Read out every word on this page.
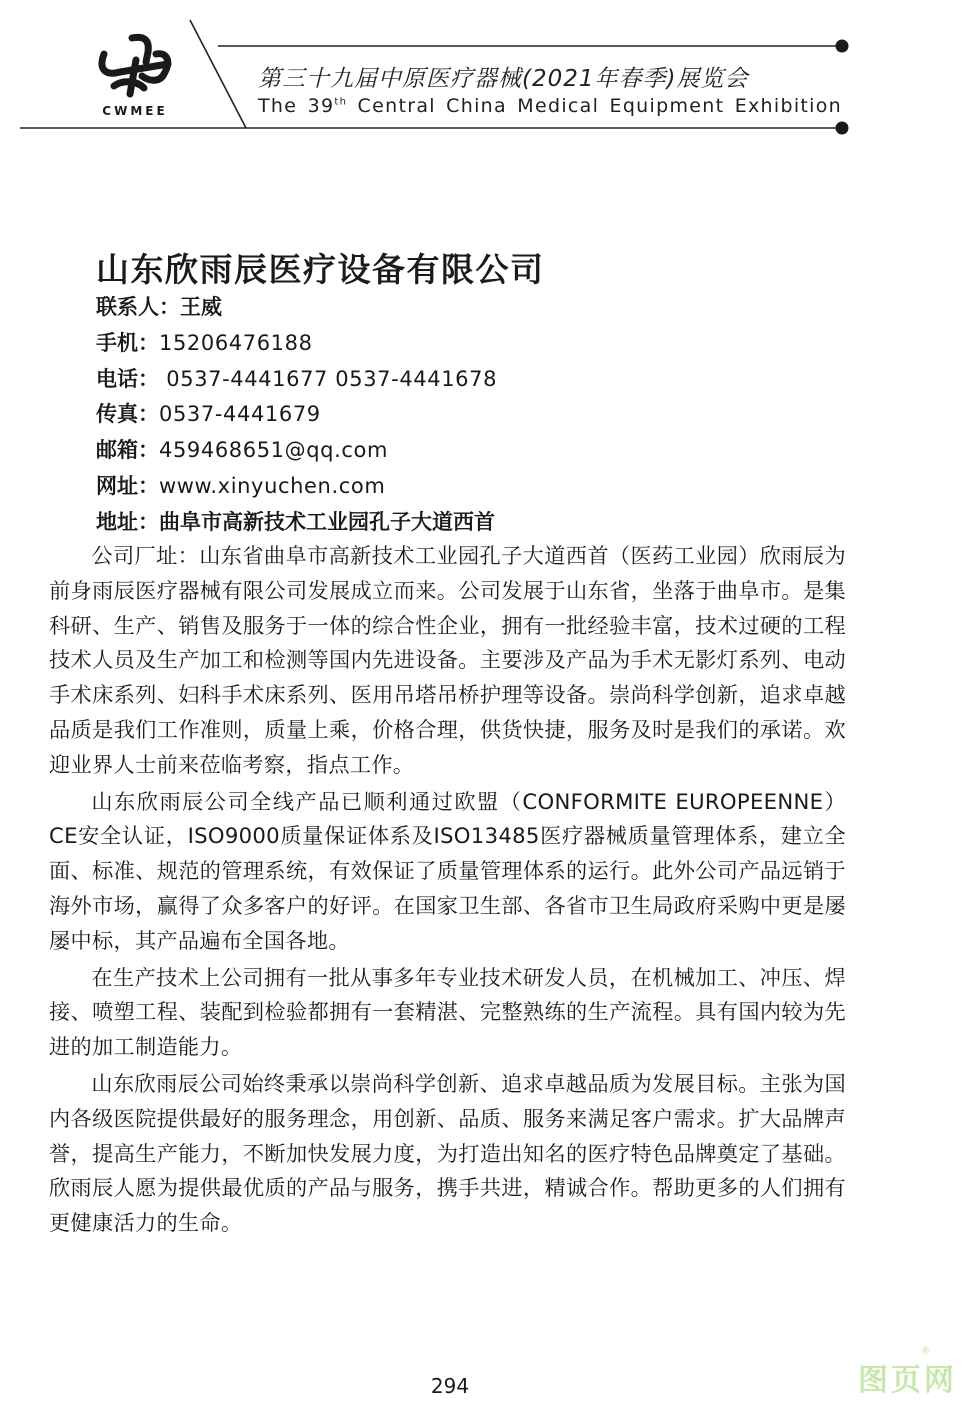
CWMEE
第三十九届中原医疗器械(2021年春季)展览会
The 39th Central China Medical Equipment Exhibition
山东欣雨辰医疗设备有限公司
联系人：王威
手机：15206476188
电话： 0537-4441677 0537-4441678
传真：0537-4441679
邮箱：459468651@qq.com
网址：www.xinyuchen.com
地址：曲阜市高新技术工业园孔子大道西首

公司厂址：山东省曲阜市高新技术工业园孔子大道西首（医药工业园）欣雨辰为前身雨辰医疗器械有限公司发展成立而来。公司发展于山东省，坐落于曲阜市。是集科研、生产、销售及服务于一体的综合性企业，拥有一批经验丰富，技术过硬的工程技术人员及生产加工和检测等国内先进设备。主要涉及产品为手术无影灯系列、电动手术床系列、妇科手术床系列、医用吊塔吊桥护理等设备。崇尚科学创新，追求卓越品质是我们工作准则，质量上乘，价格合理，供货快捷，服务及时是我们的承诺。欢迎业界人士前来莅临考察，指点工作。

山东欣雨辰公司全线产品已顺利通过欧盟（CONFORMITE EUROPEENNE）CE安全认证，ISO9000质量保证体系及ISO13485医疗器械质量管理体系，建立全面、标准、规范的管理系统，有效保证了质量管理体系的运行。此外公司产品远销于海外市场，赢得了众多客户的好评。在国家卫生部、各省市卫生局政府采购中更是屡屡中标，其产品遍布全国各地。

在生产技术上公司拥有一批从事多年专业技术研发人员，在机械加工、冲压、焊接、喷塑工程、装配到检验都拥有一套精湛、完整熟练的生产流程。具有国内较为先进的加工制造能力。

山东欣雨辰公司始终秉承以崇尚科学创新、追求卓越品质为发展目标。主张为国内各级医院提供最好的服务理念，用创新、品质、服务来满足客户需求。扩大品牌声誉，提高生产能力，不断加快发展力度，为打造出知名的医疗特色品牌奠定了基础。欣雨辰人愿为提供最优质的产品与服务，携手共进，精诚合作。帮助更多的人们拥有更健康活力的生命。

294	图页网
®
